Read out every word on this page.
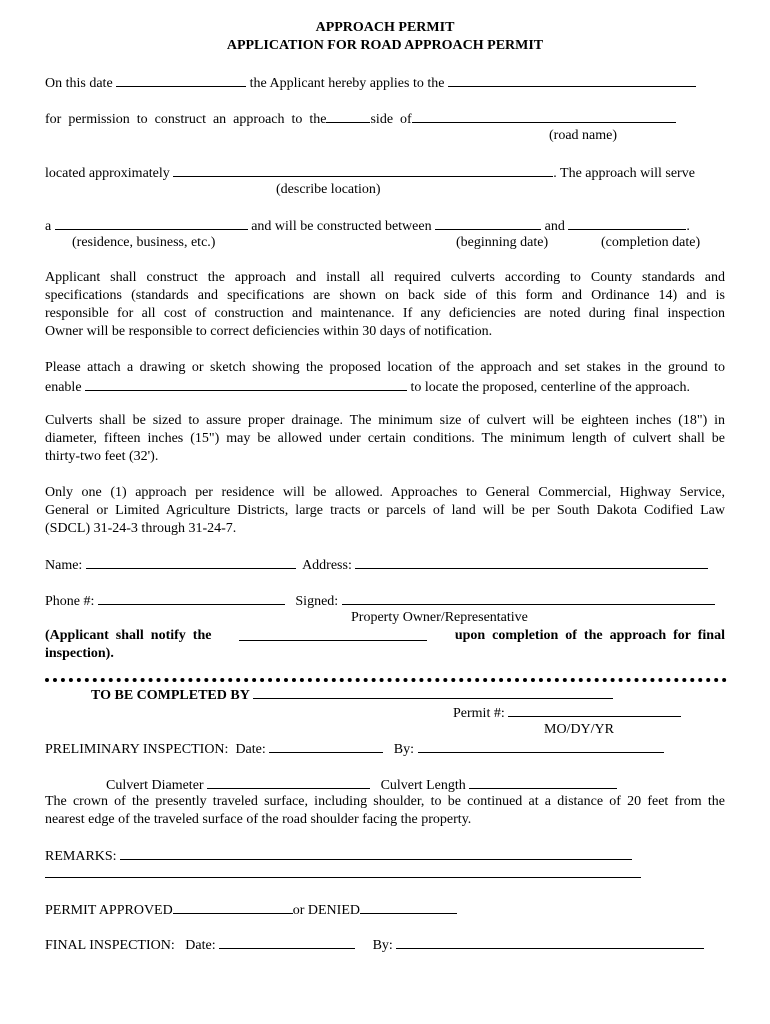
APPROACH PERMIT
APPLICATION FOR ROAD APPROACH PERMIT
On this date	the Applicant hereby applies to the
for  permission  to  construct  an  approach  to  the	side  of
(road name)
located approximately	. The approach will serve
(describe location)
a	and will be constructed between	and	.
(residence, business, etc.)	(beginning date)	(completion date)
Applicant shall construct the approach and install all required culverts according to County standards and
specifications (standards and specifications are shown on back side of this form and Ordinance 14) and is
responsible for all cost of construction and maintenance. If any deficiencies are noted during final inspection
Owner will be responsible to correct deficiencies within 30 days of notification.
Please attach a drawing or sketch showing the proposed location of the approach and set stakes in the ground to
enable	to locate the proposed, centerline of the approach.
Culverts shall be sized to assure proper drainage. The minimum size of culvert will be eighteen inches (18") in
diameter, fifteen inches (15") may be allowed under certain conditions. The minimum length of culvert shall be
thirty-two feet (32').
Only one (1) approach per residence will be allowed. Approaches to General Commercial, Highway Service,
General or Limited Agriculture Districts, large tracts or parcels of land will be per South Dakota Codified Law
(SDCL) 31-24-3 through 31-24-7.
Name:	Address:
Phone #:	Signed:
Property Owner/Representative
(Applicant  shall  notify  the	upon  completion  of  the  approach  for  final
inspection).
TO BE COMPLETED BY
Permit #:
MO/DY/YR
PRELIMINARY INSPECTION: Date:	By:
Culvert Diameter	Culvert Length
The crown of the presently traveled surface, including shoulder, to be continued at a distance of 20 feet from the
nearest edge of the traveled surface of the road shoulder facing the property.
REMARKS:
PERMIT APPROVED	or DENIED
FINAL INSPECTION: Date:	By:
